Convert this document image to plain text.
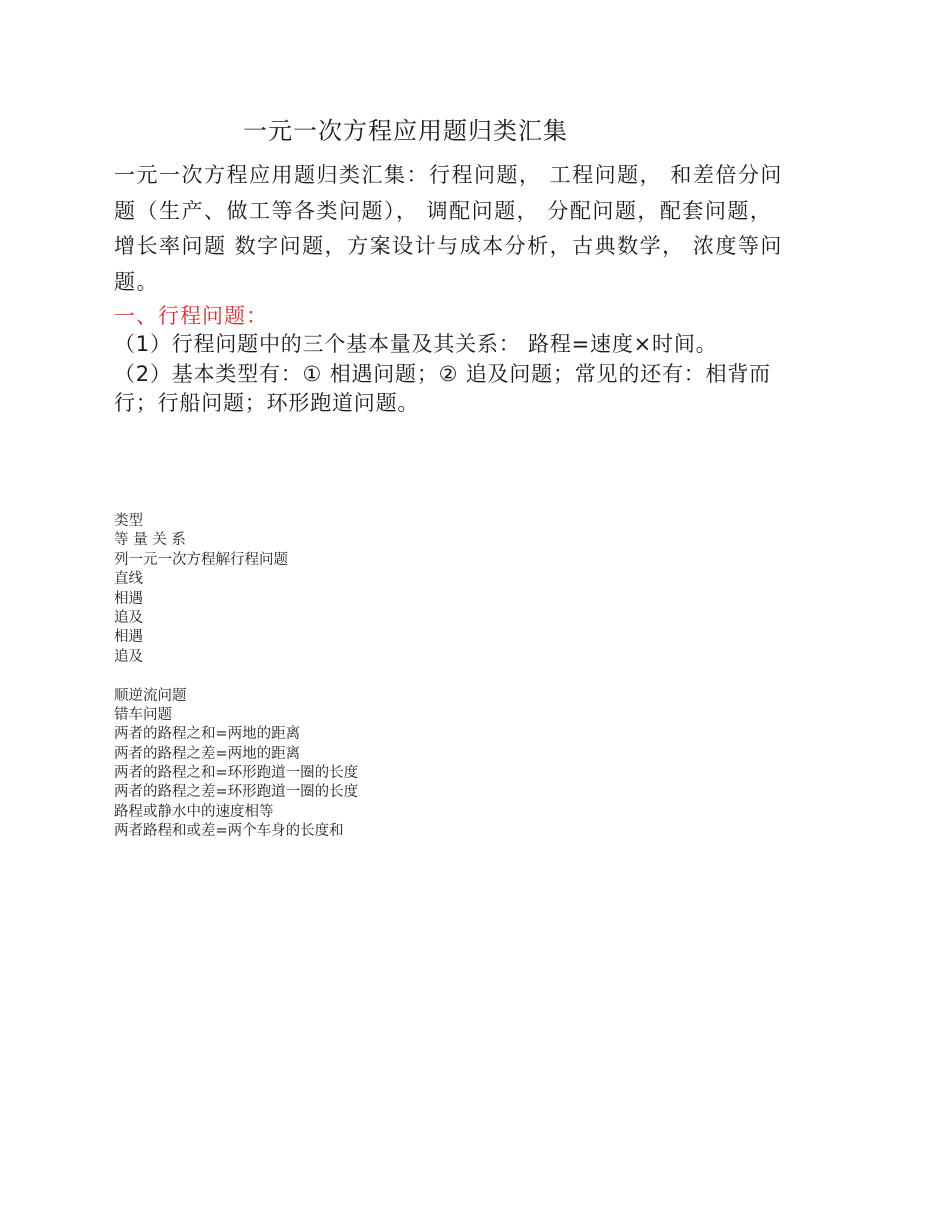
一元一次方程应用题归类汇集

一元一次方程应用题归类汇集：行程问题， 工程问题， 和差倍分问
题（生产、做工等各类问题）， 调配问题， 分配问题，配套问题，
增长率问题 数字问题，方案设计与成本分析，古典数学， 浓度等问
题。

一、行程问题：

（1）行程问题中的三个基本量及其关系： 路程=速度×时间。
（2）基本类型有：① 相遇问题；② 追及问题；常见的还有：相背而
行；行船问题；环形跑道问题。

类型
等 量 关 系
列一元一次方程解行程问题
直线
相遇
追及
相遇
追及
顺逆流问题
错车问题
两者的路程之和=两地的距离
两者的路程之差=两地的距离
两者的路程之和=环形跑道一圈的长度
两者的路程之差=环形跑道一圈的长度
路程或静水中的速度相等
两者路程和或差=两个车身的长度和
